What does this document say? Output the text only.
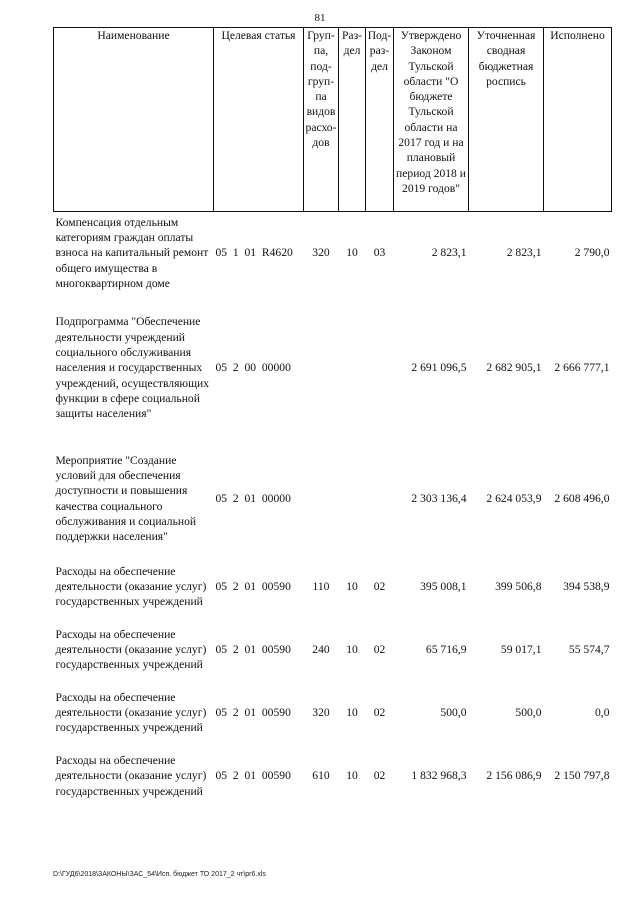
81
Наименование	Целевая статья	Груп- па, под- груп- па видов расхо- дов	Раз- дел	Под- раз- дел	Утверждено Законом Тульской области "О бюджете Тульской области на 2017 год и на плановый период 2018 и 2019 годов"	Уточненная сводная бюджетная роспись	Исполнено
Компенсация отдельным категориям граждан оплаты взноса на капитальный ремонт общего имущества в многоквартирном доме	05  1  01  R4620	320	10	03	2 823,1	2 823,1	2 790,0
Подпрограмма "Обеспечение деятельности учреждений социального обслуживания населения и государственных учреждений, осуществляющих функции в сфере социальной защиты населения"	05  2  00  00000				2 691 096,5	2 682 905,1	2 666 777,1
Мероприятие "Создание условий для обеспечения доступности и повышения качества социального обслуживания и социальной поддержки населения"	05  2  01  00000				2 303 136,4	2 624 053,9	2 608 496,0
Расходы на обеспечение деятельности (оказание услуг) государственных учреждений	05  2  01  00590	110	10	02	395 008,1	399 506,8	394 538,9
Расходы на обеспечение деятельности (оказание услуг) государственных учреждений	05  2  01  00590	240	10	02	65 716,9	59 017,1	55 574,7
Расходы на обеспечение деятельности (оказание услуг) государственных учреждений	05  2  01  00590	320	10	02	500,0	500,0	0,0
Расходы на обеспечение деятельности (оказание услуг) государственных учреждений	05  2  01  00590	610	10	02	1 832 968,3	2 156 086,9	2 150 797,8
D:\ГУД6\2018\ЗАКОНЫ\ЗАС_54\Исп. бюджет ТО 2017_2 чт\pr6.xls
